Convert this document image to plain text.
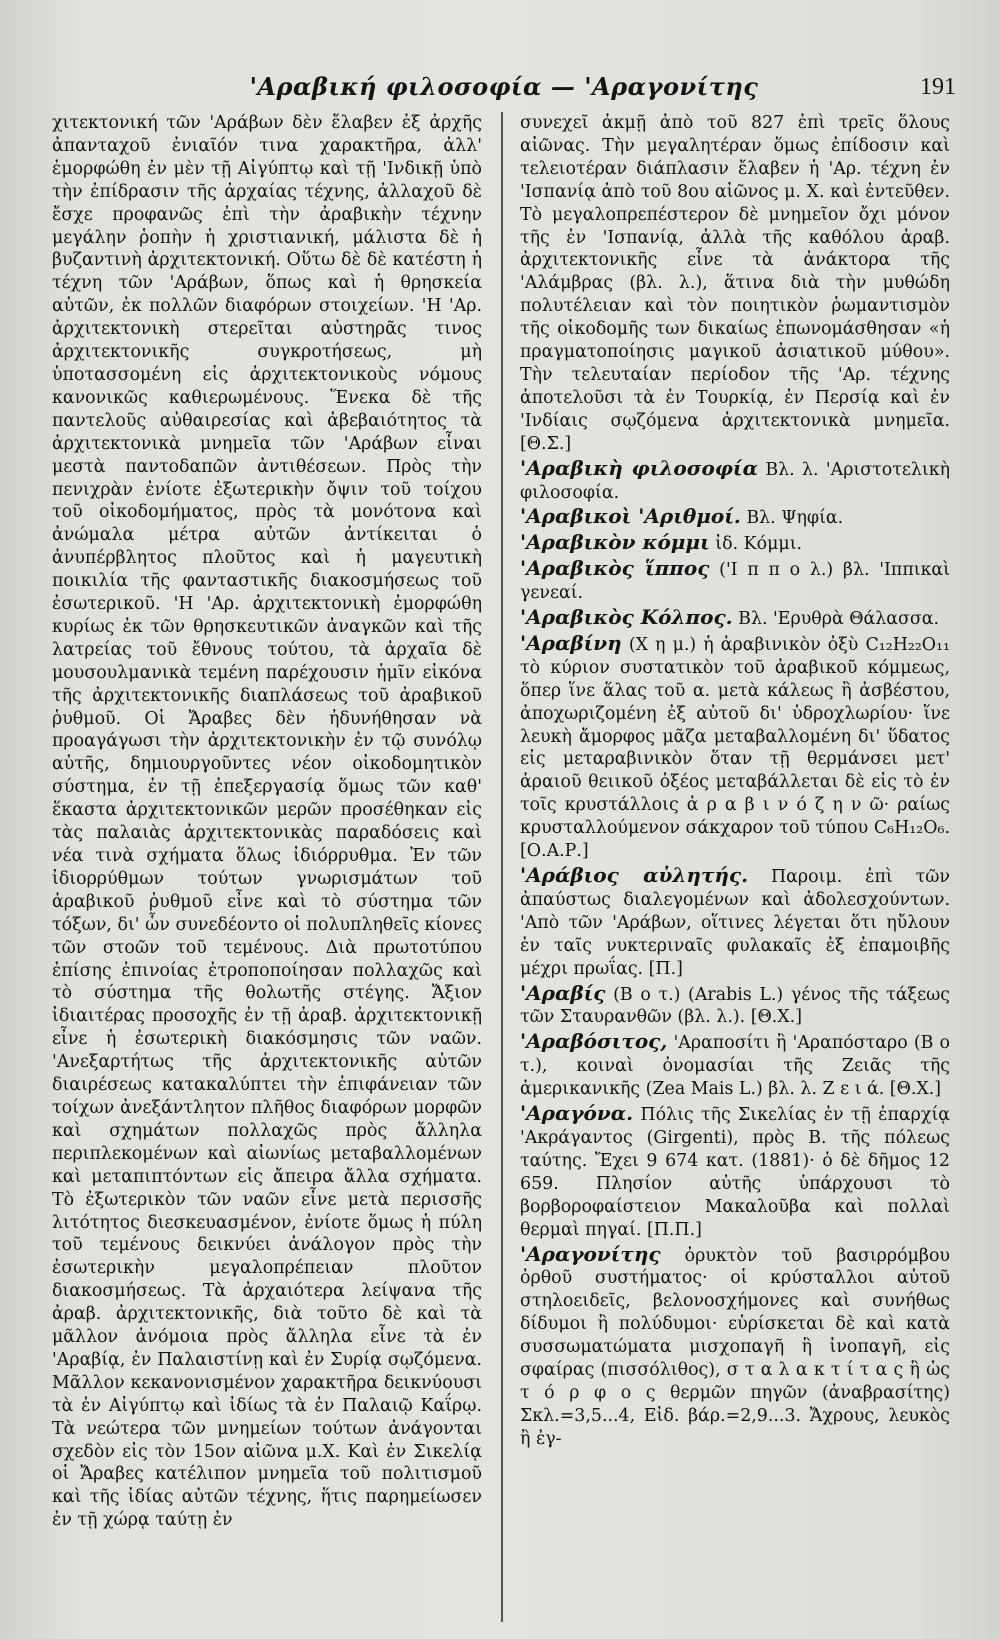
'Αραβική φιλοσοφία — 'Αραγονίτης	191

χιτεκτονική τῶν 'Αράβων δὲν ἔλαβεν ἐξ ἀρχῆς ἀπανταχοῦ ἐνιαῖόν τινα χαρακτῆρα, ἀλλ' ἐμορφώθη ἐν μὲν τῇ Αἰγύπτῳ καὶ τῇ 'Ινδικῇ ὑπὸ τὴν ἐπίδρασιν τῆς ἀρχαίας τέχνης, ἀλλαχοῦ δὲ ἔσχε προφανῶς ἐπὶ τὴν ἀραβικὴν τέχνην μεγάλην ῥοπὴν ἡ χριστιανική, μάλιστα δὲ ἡ βυζαντινὴ ἀρχιτεκτονική. Οὕτω δὲ δὲ κατέστη ἡ τέχνη τῶν 'Αράβων, ὅπως καὶ ἡ θρησκεία αὐτῶν, ἐκ πολλῶν διαφόρων στοιχείων. 'Η 'Αρ. ἀρχιτεκτονικὴ στερεῖται αὐστηρᾶς τινος ἀρχιτεκτονικῆς συγκροτήσεως, μὴ ὑποτασσομένη εἰς ἀρχιτεκτονικοὺς νόμους κανονικῶς καθιερωμένους. Ἕνεκα δὲ τῆς παντελοῦς αὐθαιρεσίας καὶ ἀβεβαιότητος τὰ ἀρχιτεκτονικὰ μνημεῖα τῶν 'Αράβων εἶναι μεστὰ παντοδαπῶν ἀντιθέσεων. Πρὸς τὴν πενιχρὰν ἐνίοτε ἐξωτερικὴν ὄψιν τοῦ τοίχου τοῦ οἰκοδομήματος, πρὸς τὰ μονότονα καὶ ἀνώμαλα μέτρα αὐτῶν ἀντίκειται ὁ ἀνυπέρβλητος πλοῦτος καὶ ἡ μαγευτικὴ ποικιλία τῆς φανταστικῆς διακοσμήσεως τοῦ ἐσωτερικοῦ. 'Η 'Αρ. ἀρχιτεκτονικὴ ἐμορφώθη κυρίως ἐκ τῶν θρησκευτικῶν ἀναγκῶν καὶ τῆς λατρείας τοῦ ἔθνους τούτου, τὰ ἀρχαῖα δὲ μουσουλμανικὰ τεμένη παρέχουσιν ἡμῖν εἰκόνα τῆς ἀρχιτεκτονικῆς διαπλάσεως τοῦ ἀραβικοῦ ῥυθμοῦ. Οἱ Ἄραβες δὲν ἠδυνήθησαν νὰ προαγάγωσι τὴν ἀρχιτεκτονικὴν ἐν τῷ συνόλῳ αὐτῆς, δημιουργοῦντες νέον οἰκοδομητικὸν σύστημα, ἐν τῇ ἐπεξεργασίᾳ ὅμως τῶν καθ' ἕκαστα ἀρχιτεκτονικῶν μερῶν προσέθηκαν εἰς τὰς παλαιὰς ἀρχιτεκτονικὰς παραδόσεις καὶ νέα τινὰ σχήματα ὅλως ἰδιόρρυθμα. Ἐν τῶν ἰδιορρύθμων τούτων γνωρισμάτων τοῦ ἀραβικοῦ ῥυθμοῦ εἶνε καὶ τὸ σύστημα τῶν τόξων, δι' ὧν συνεδέοντο οἱ πολυπληθεῖς κίονες τῶν στοῶν τοῦ τεμένους. Διὰ πρωτοτύπου ἐπίσης ἐπινοίας ἐτροποποίησαν πολλαχῶς καὶ τὸ σύστημα τῆς θολωτῆς στέγης. Ἄξιον ἰδιαιτέρας προσοχῆς ἐν τῇ ἀραβ. ἀρχιτεκτονικῇ εἶνε ἡ ἐσωτερικὴ διακόσμησις τῶν ναῶν. 'Ανεξαρτήτως τῆς ἀρχιτεκτονικῆς αὐτῶν διαιρέσεως κατακαλύπτει τὴν ἐπιφάνειαν τῶν τοίχων ἀνεξάντλητον πλῆθος διαφόρων μορφῶν καὶ σχημάτων πολλαχῶς πρὸς ἄλληλα περιπλεκομένων καὶ αἰωνίως μεταβαλλομένων καὶ μεταπιπτόντων εἰς ἄπειρα ἄλλα σχήματα. Τὸ ἐξωτερικὸν τῶν ναῶν εἶνε μετὰ περισσῆς λιτότητος διεσκευασμένον, ἐνίοτε ὅμως ἡ πύλη τοῦ τεμένους δεικνύει ἀνάλογον πρὸς τὴν ἐσωτερικὴν μεγαλοπρέπειαν πλοῦτον διακοσμήσεως. Τὰ ἀρχαιότερα λείψανα τῆς ἀραβ. ἀρχιτεκτονικῆς, διὰ τοῦτο δὲ καὶ τὰ μᾶλλον ἀνόμοια πρὸς ἄλληλα εἶνε τὰ ἐν 'Αραβίᾳ, ἐν Παλαιστίνῃ καὶ ἐν Συρίᾳ σῳζόμενα. Μᾶλλον κεκανονισμένον χαρακτῆρα δεικνύουσι τὰ ἐν Αἰγύπτῳ καὶ ἰδίως τὰ ἐν Παλαιῷ Καΐρῳ. Τὰ νεώτερα τῶν μνημείων τούτων ἀνάγονται σχεδὸν εἰς τὸν 15ον αἰῶνα μ.Χ. Καὶ ἐν Σικελίᾳ οἱ Ἄραβες κατέλιπον μνημεῖα τοῦ πολιτισμοῦ καὶ τῆς ἰδίας αὐτῶν τέχνης, ἥτις παρημείωσεν ἐν τῇ χώρᾳ ταύτῃ ἐν

συνεχεῖ ἀκμῇ ἀπὸ τοῦ 827 ἐπὶ τρεῖς ὅλους αἰῶνας. Τὴν μεγαλητέραν ὅμως ἐπίδοσιν καὶ τελειοτέραν διάπλασιν ἔλαβεν ἡ 'Αρ. τέχνη ἐν 'Ισπανίᾳ ἀπὸ τοῦ 8ου αἰῶνος μ. Χ. καὶ ἐντεῦθεν. Τὸ μεγαλοπρεπέστερον δὲ μνημεῖον ὄχι μόνον τῆς ἐν 'Ισπανίᾳ, ἀλλὰ τῆς καθόλου ἀραβ. ἀρχιτεκτονικῆς εἶνε τὰ ἀνάκτορα τῆς 'Αλάμβρας (βλ. λ.), ἅτινα διὰ τὴν μυθώδη πολυτέλειαν καὶ τὸν ποιητικὸν ῥωμαντισμὸν τῆς οἰκοδομῆς των δικαίως ἐπωνομάσθησαν «ἡ πραγματοποίησις μαγικοῦ ἀσιατικοῦ μύθου». Τὴν τελευταίαν περίοδον τῆς 'Αρ. τέχνης ἀποτελοῦσι τὰ ἐν Τουρκίᾳ, ἐν Περσίᾳ καὶ ἐν 'Ινδίαις σῳζόμενα ἀρχιτεκτονικὰ μνημεῖα. [Θ.Σ.]

'Αραβικὴ φιλοσοφία Βλ. λ. 'Αριστοτελικὴ φιλοσοφία.

'Αραβικοὶ 'Αριθμοί. Βλ. Ψηφία.

'Αραβικὸν κόμμι ἰδ. Κόμμι.

'Αραβικὸς ἵππος ('Ι π π ο λ.) βλ. 'Ιππικαὶ γενεαί.

'Αραβικὸς Κόλπος. Βλ. 'Ερυθρὰ Θάλασσα.

'Αραβίνη (Χ η μ.) ἡ ἀραβινικὸν ὀξὺ C₁₂H₂₂O₁₁ τὸ κύριον συστατικὸν τοῦ ἀραβικοῦ κόμμεως, ὅπερ ἵνε ἅλας τοῦ α. μετὰ κάλεως ἢ ἀσβέστου, ἀποχωριζομένη ἐξ αὐτοῦ δι' ὑδροχλωρίου· ἵνε λευκὴ ἄμορφος μᾶζα μεταβαλλομένη δι' ὕδατος εἰς μεταραβινικὸν ὅταν τῇ θερμάνσει μετ' ἀραιοῦ θειικοῦ ὀξέος μεταβάλλεται δὲ εἰς τὸ ἐν τοῖς κρυστάλλοις ἀ ρ α β ι ν ό ζ η ν ῶ· ραίως κρυσταλλούμενον σάκχαρον τοῦ τύπου C₆H₁₂O₆. [Ο.Α.Ρ.]

'Αράβιος αὐλητής. Παροιμ. ἐπὶ τῶν ἀπαύστως διαλεγομένων καὶ ἀδολεσχούντων. 'Απὸ τῶν 'Αράβων, οἵτινες λέγεται ὅτι ηὔλουν ἐν ταῖς νυκτεριναῖς φυλακαῖς ἐξ ἐπαμοιβῆς μέχρι πρωΐας. [Π.]

'Αραβίς (Β ο τ.) (Arabis L.) γένος τῆς τάξεως τῶν Σταυρανθῶν (βλ. λ.). [Θ.Χ.]

'Αραβόσιτος, 'Αραποσίτι ἢ 'Αραπόσταρο (Β ο τ.), κοιναὶ ὀνομασίαι τῆς Ζειᾶς τῆς ἀμερικανικῆς (Zea Mais L.) βλ. λ. Ζ ε ι ά. [Θ.Χ.]

'Αραγόνα. Πόλις τῆς Σικελίας ἐν τῇ ἐπαρχίᾳ 'Ακράγαντος (Girgenti), πρὸς Β. τῆς πόλεως ταύτης. Ἔχει 9 674 κατ. (1881)· ὁ δὲ δῆμος 12 659. Πλησίον αὐτῆς ὑπάρχουσι τὸ βορβοροφαίστειον Μακαλοῦβα καὶ πολλαὶ θερμαὶ πηγαί. [Π.Π.]

'Αραγονίτης ὀρυκτὸν τοῦ βασιρρόμβου ὀρθοῦ συστήματος· οἱ κρύσταλλοι αὐτοῦ στηλοειδεῖς, βελονοσχήμονες καὶ συνήθως δίδυμοι ἢ πολύδυμοι· εὑρίσκεται δὲ καὶ κατὰ συσσωματώματα μισχοπαγῆ ἢ ἰνοπαγῆ, εἰς σφαίρας (πισσόλιθος), σ τ α λ α κ τ ί τ α ς ἢ ὡς τ ό ρ φ ο ς θερμῶν πηγῶν (ἀναβρασίτης) Σκλ.=3,5...4, Εἰδ. βάρ.=2,9...3. Ἄχρους, λευκὸς ἢ ἐγ-
